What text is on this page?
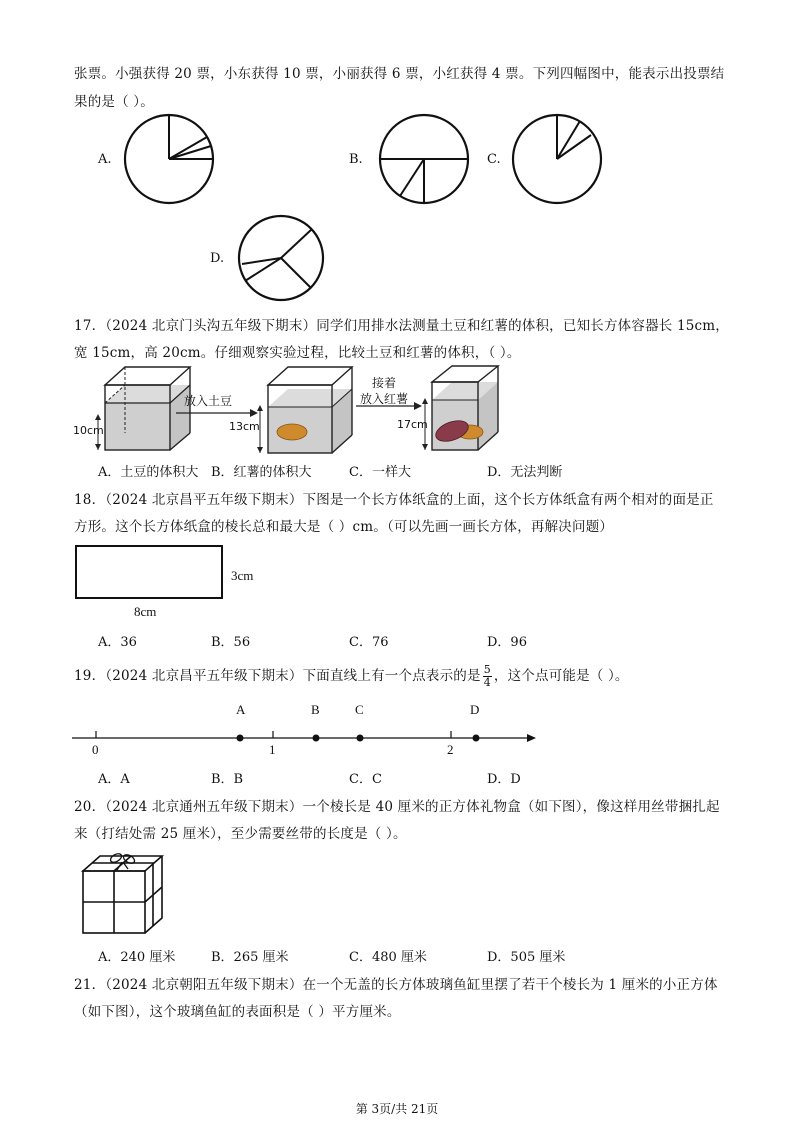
张票。小强获得 20 票，小东获得 10 票，小丽获得 6 票，小红获得 4 票。下列四幅图中，能表示出投票结
果的是（ ）。
A.	B.	C.
D.
17．（2024 北京门头沟五年级下期末）同学们用排水法测量土豆和红薯的体积，已知长方体容器长 15cm，
宽 15cm，高 20cm。仔细观察实验过程，比较土豆和红薯的体积，（ ）。
放入土豆
接着
放入红薯
10cm	13cm	17cm
A．土豆的体积大 B．红薯的体积大	C．一样大	D．无法判断
18．（2024 北京昌平五年级下期末）下图是一个长方体纸盒的上面，这个长方体纸盒有两个相对的面是正
方形。这个长方体纸盒的棱长总和最大是（ ）cm。（可以先画一画长方体，再解决问题）
3cm
8cm
A．36	B．56	C．76	D．96
19．（2024 北京昌平五年级下期末）下面直线上有一个点表示的是 $\frac{5}{4}$ ，这个点可能是（ ）。
A	B	C	D
0	1	2
A．A	B．B	C．C	D．D
20．（2024 北京通州五年级下期末）一个棱长是 40 厘米的正方体礼物盒（如下图），像这样用丝带捆扎起
来（打结处需 25 厘米），至少需要丝带的长度是（ ）。
A．240 厘米	B．265 厘米	C．480 厘米	D．505 厘米
21．（2024 北京朝阳五年级下期末）在一个无盖的长方体玻璃鱼缸里摆了若干个棱长为 1 厘米的小正方体
（如下图），这个玻璃鱼缸的表面积是（ ）平方厘米。
第 3页/共 21页
